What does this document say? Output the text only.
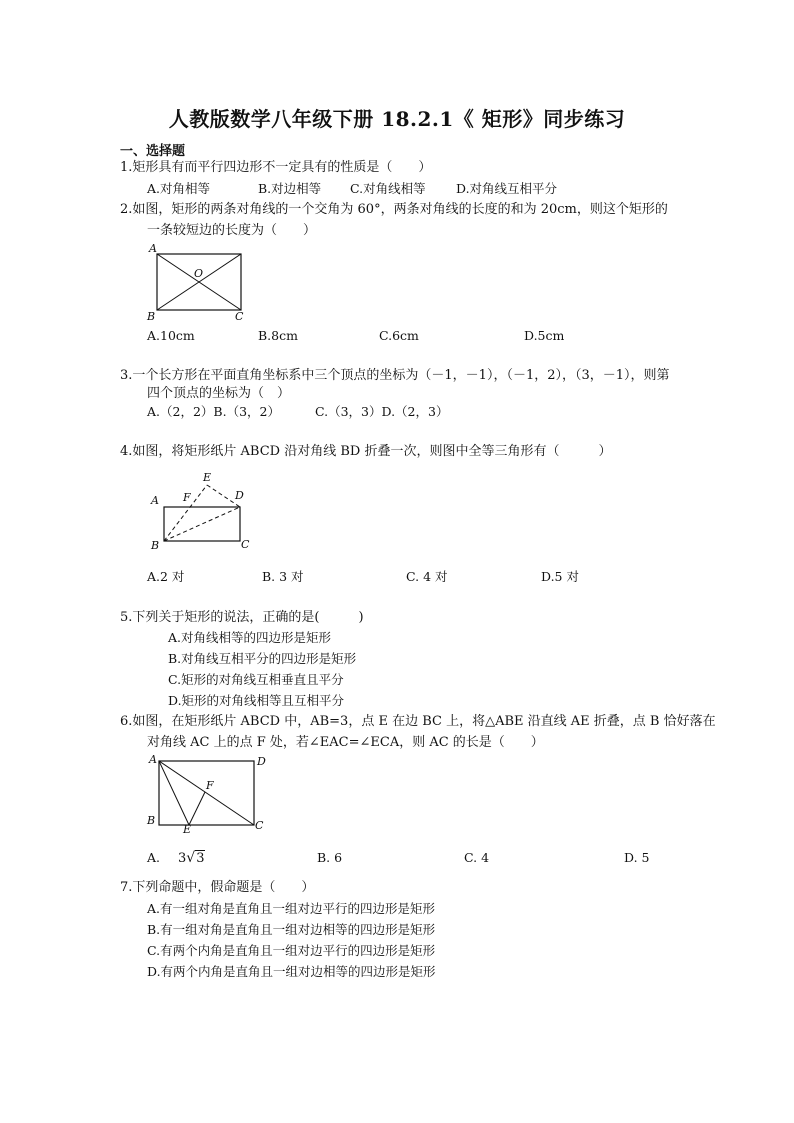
人教版数学八年级下册 18.2.1《 矩形》同步练习
一、选择题
1.矩形具有而平行四边形不一定具有的性质是（　　）
A.对角相等	B.对边相等 C.对角线相等 D.对角线互相平分
2.如图，矩形的两条对角线的一个交角为 60°，两条对角线的长度的和为 20cm，则这个矩形的
一条较短边的长度为（　　）
A
O
B	C
A.10cm	B.8cm	C.6cm	D.5cm
3.一个长方形在平面直角坐标系中三个顶点的坐标为（－1，－1），（－1，2），（3，－1），则第
四个顶点的坐标为（　）
A.（2，2）B.（3，2）	C.（3，3）D.（2，3）
4.如图，将矩形纸片 ABCD 沿对角线 BD 折叠一次，则图中全等三角形有（　　　）
E
A F	D
B	C
A.2 对	B. 3 对	C. 4 对	D.5 对
5.下列关于矩形的说法，正确的是(　　　)
A.对角线相等的四边形是矩形
B.对角线互相平分的四边形是矩形
C.矩形的对角线互相垂直且平分
D.矩形的对角线相等且互相平分
6.如图，在矩形纸片 ABCD 中，AB=3，点 E 在边 BC 上，将△ABE 沿直线 AE 折叠，点 B 恰好落在
对角线 AC 上的点 F 处，若∠EAC=∠ECA，则 AC 的长是（　　）
A	D
F
B
E	C
A. 3√3	B. 6	C. 4	D. 5
7.下列命题中，假命题是（　　）
A.有一组对角是直角且一组对边平行的四边形是矩形
B.有一组对角是直角且一组对边相等的四边形是矩形
C.有两个内角是直角且一组对边平行的四边形是矩形
D.有两个内角是直角且一组对边相等的四边形是矩形
